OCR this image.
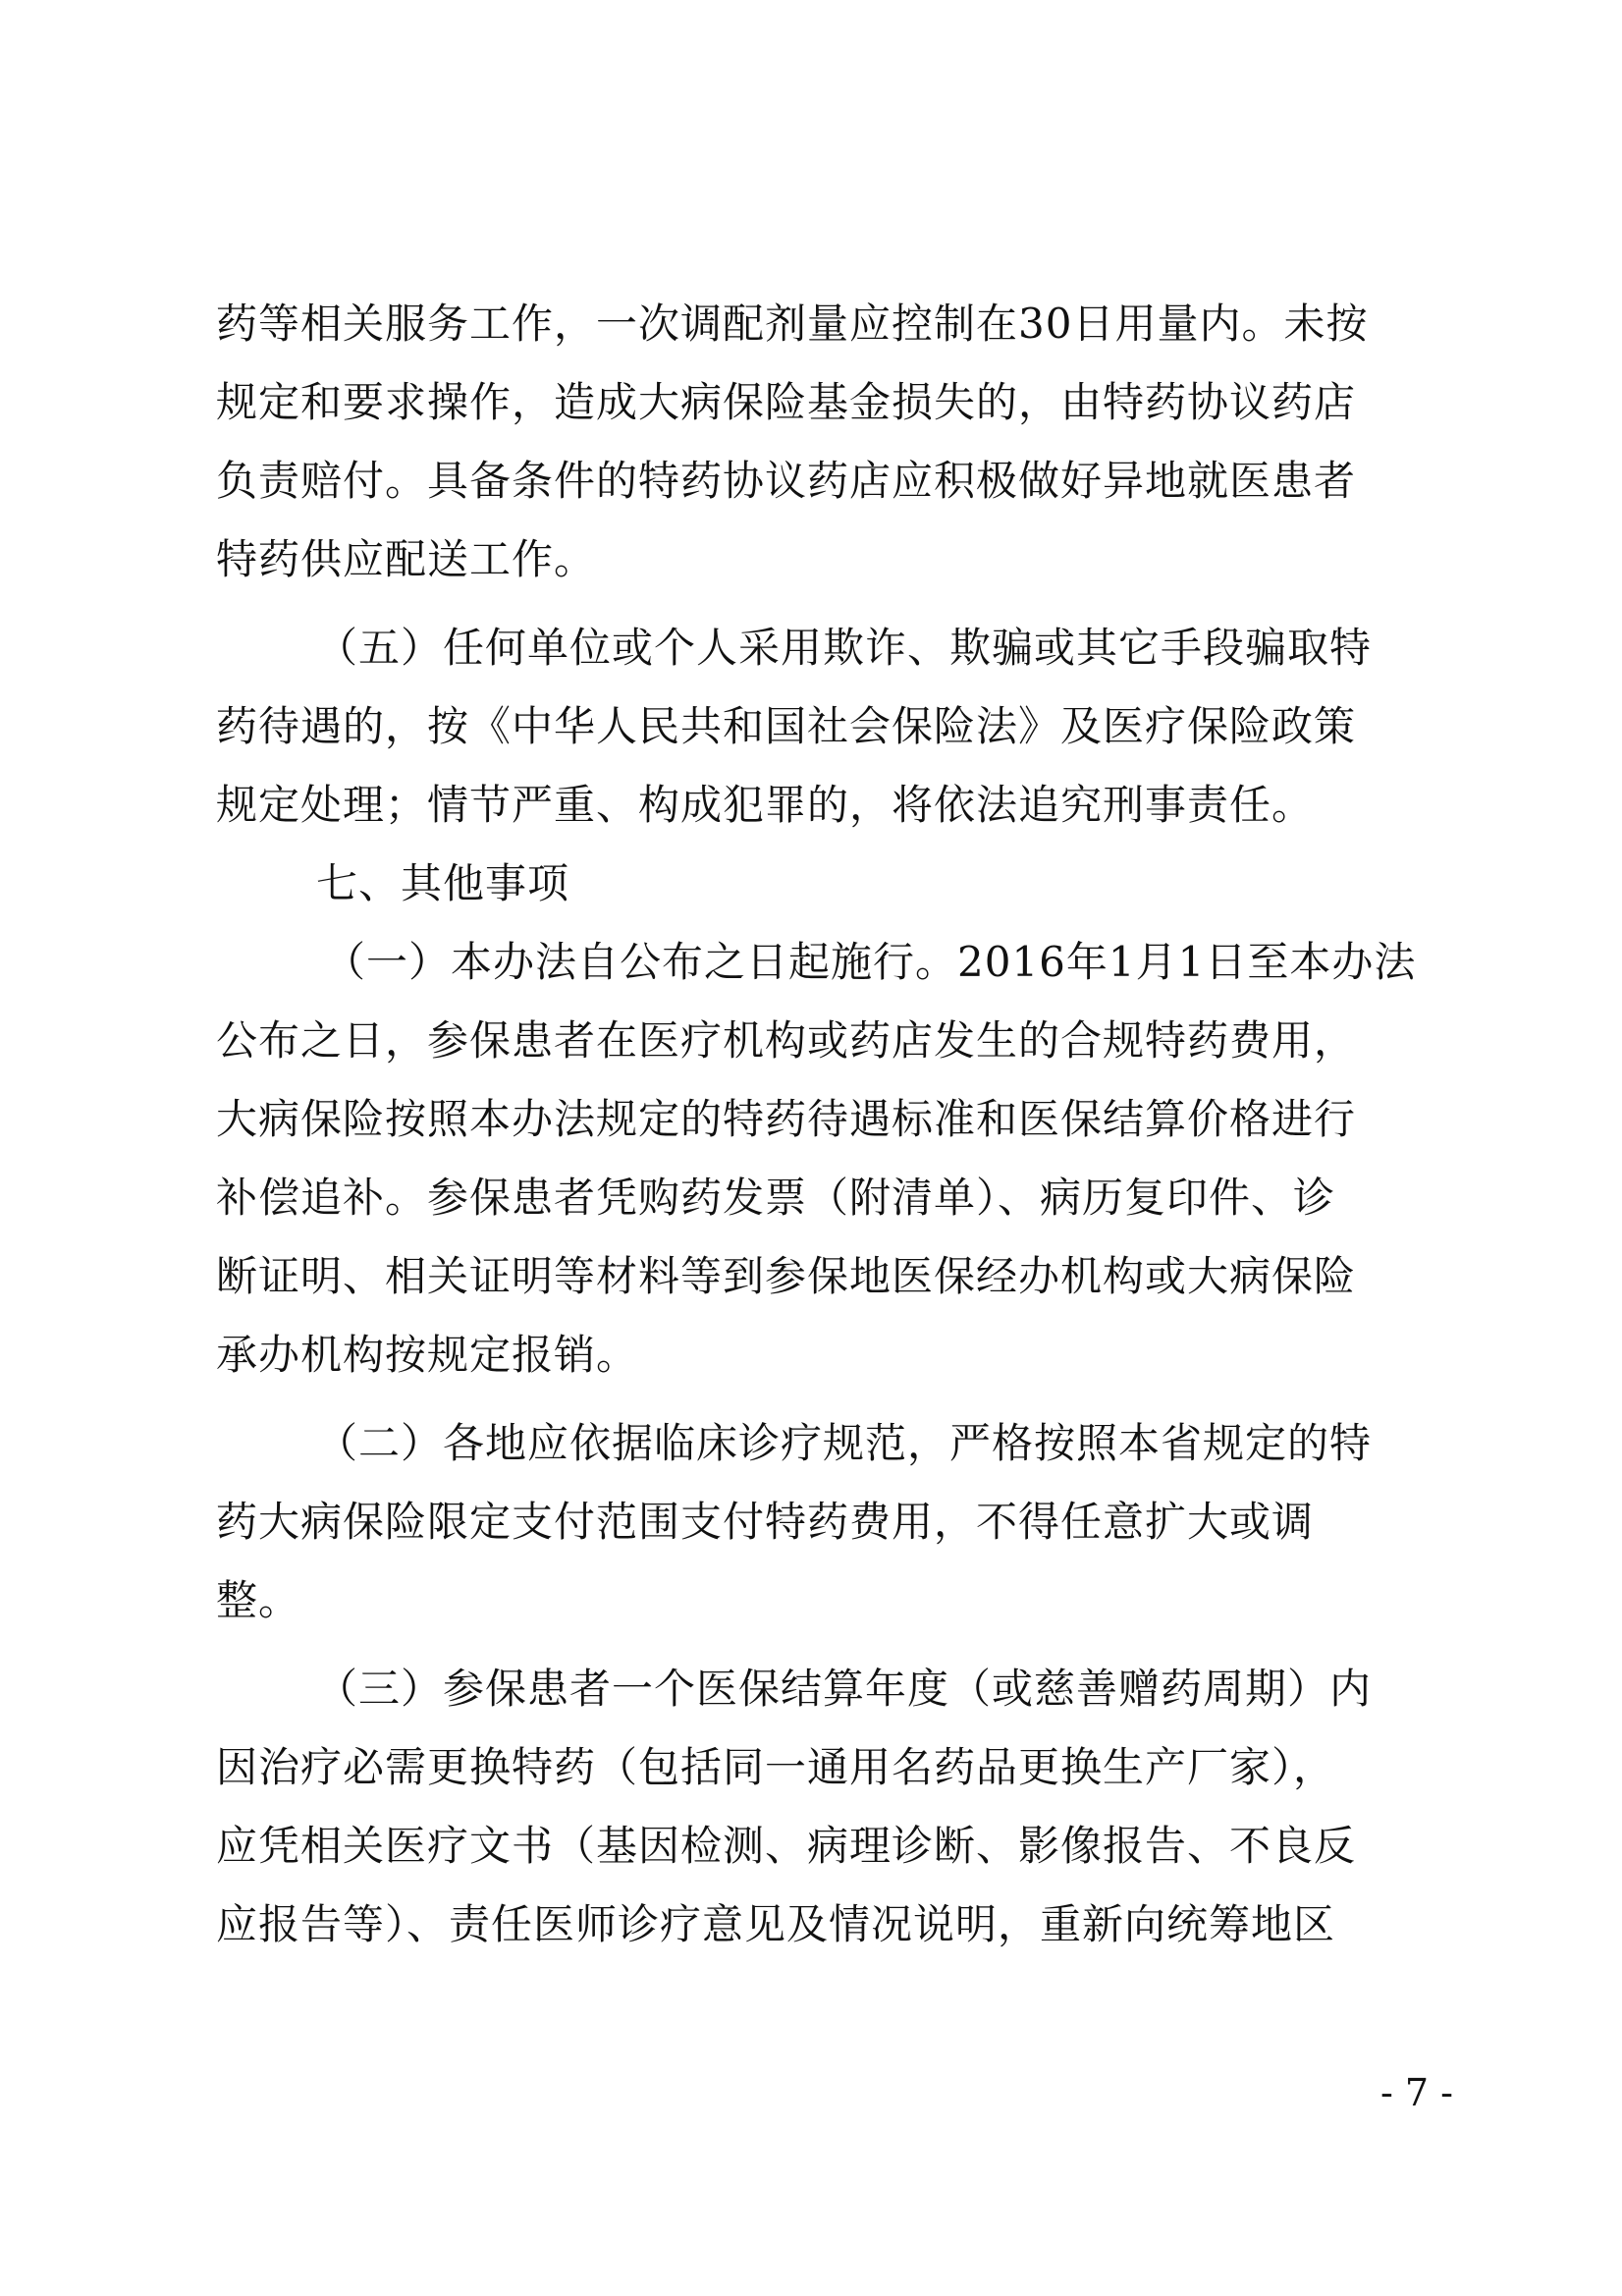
药等相关服务工作，一次调配剂量应控制在30日用量内。未按
规定和要求操作，造成大病保险基金损失的，由特药协议药店
负责赔付。具备条件的特药协议药店应积极做好异地就医患者
特药供应配送工作。
（五）任何单位或个人采用欺诈、欺骗或其它手段骗取特
药待遇的，按《中华人民共和国社会保险法》及医疗保险政策
规定处理；情节严重、构成犯罪的，将依法追究刑事责任。
七、其他事项
（一）本办法自公布之日起施行。2016年1月1日至本办法
公布之日，参保患者在医疗机构或药店发生的合规特药费用，
大病保险按照本办法规定的特药待遇标准和医保结算价格进行
补偿追补。参保患者凭购药发票（附清单）、病历复印件、诊
断证明、相关证明等材料等到参保地医保经办机构或大病保险
承办机构按规定报销。
（二）各地应依据临床诊疗规范，严格按照本省规定的特
药大病保险限定支付范围支付特药费用，不得任意扩大或调
整。
（三）参保患者一个医保结算年度（或慈善赠药周期）内
因治疗必需更换特药（包括同一通用名药品更换生产厂家），
应凭相关医疗文书（基因检测、病理诊断、影像报告、不良反
应报告等）、责任医师诊疗意见及情况说明，重新向统筹地区
- 7 -
